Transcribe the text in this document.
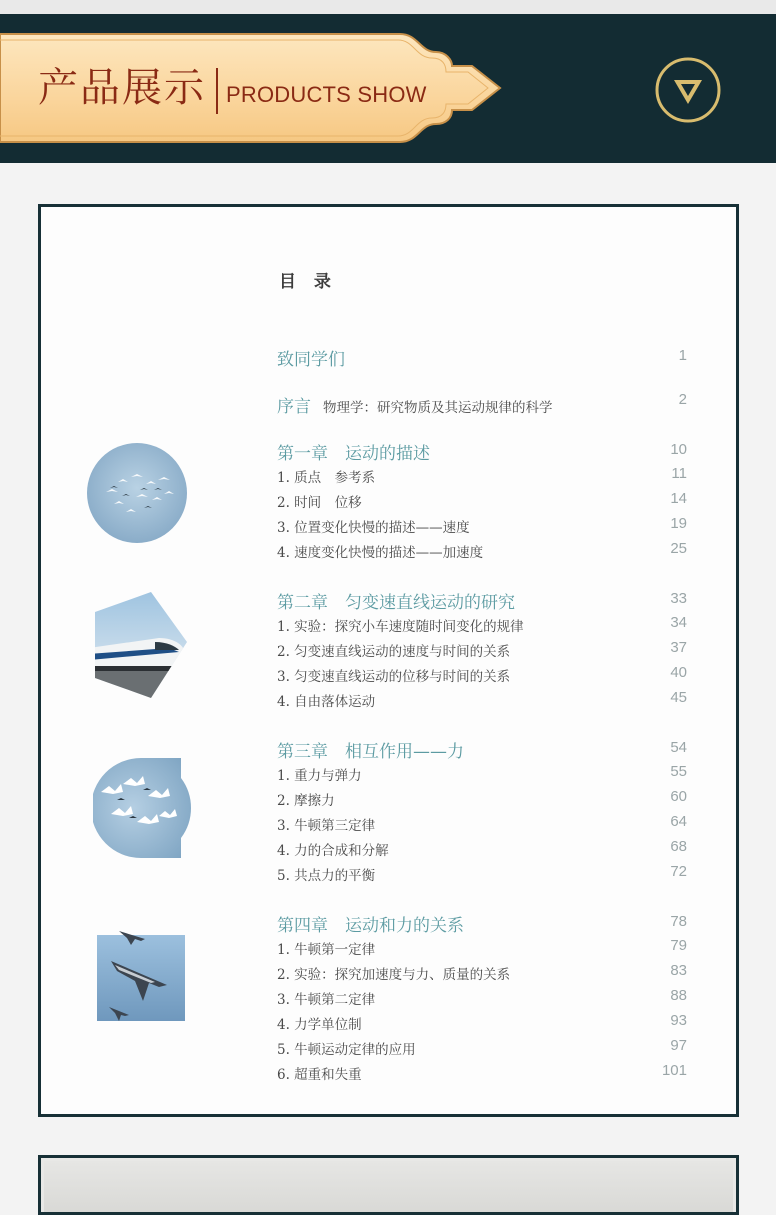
产品展示 PRODUCTS SHOW
目 录
致同学们	1
序言 物理学：研究物质及其运动规律的科学	2
第一章　运动的描述	10
1. 质点　参考系	11
2. 时间　位移	14
3. 位置变化快慢的描述——速度	19
4. 速度变化快慢的描述——加速度	25
第二章　匀变速直线运动的研究	33
1. 实验：探究小车速度随时间变化的规律	34
2. 匀变速直线运动的速度与时间的关系	37
3. 匀变速直线运动的位移与时间的关系	40
4. 自由落体运动	45
第三章　相互作用——力	54
1. 重力与弹力	55
2. 摩擦力	60
3. 牛顿第三定律	64
4. 力的合成和分解	68
5. 共点力的平衡	72
第四章　运动和力的关系	78
1. 牛顿第一定律	79
2. 实验：探究加速度与力、质量的关系	83
3. 牛顿第二定律	88
4. 力学单位制	93
5. 牛顿运动定律的应用	97
6. 超重和失重	101
